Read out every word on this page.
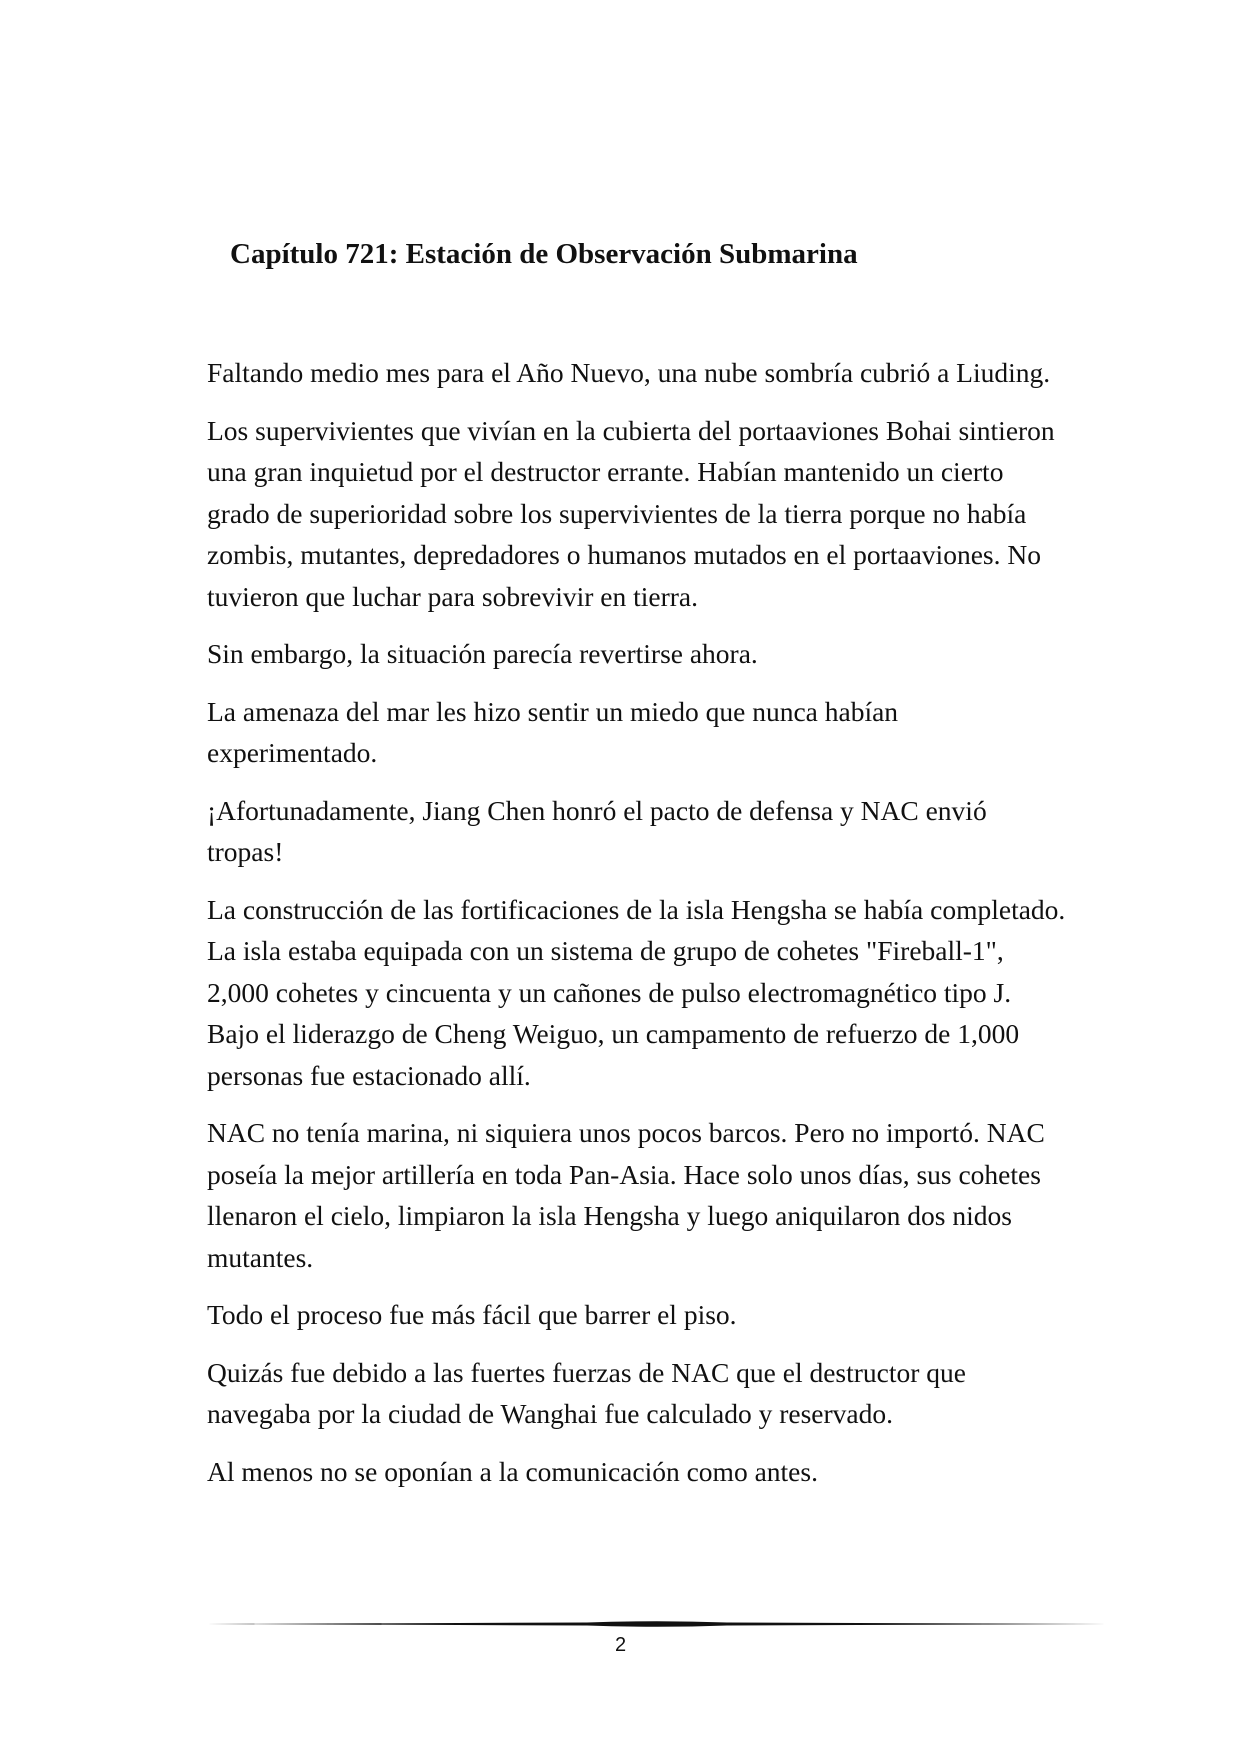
Capítulo 721: Estación de Observación Submarina

Faltando medio mes para el Año Nuevo, una nube sombría cubrió a Liuding.

Los supervivientes que vivían en la cubierta del portaaviones Bohai sintieron una gran inquietud por el destructor errante. Habían mantenido un cierto grado de superioridad sobre los supervivientes de la tierra porque no había zombis, mutantes, depredadores o humanos mutados en el portaaviones. No tuvieron que luchar para sobrevivir en tierra.

Sin embargo, la situación parecía revertirse ahora.

La amenaza del mar les hizo sentir un miedo que nunca habían experimentado.

¡Afortunadamente, Jiang Chen honró el pacto de defensa y NAC envió tropas!

La construcción de las fortificaciones de la isla Hengsha se había completado. La isla estaba equipada con un sistema de grupo de cohetes "Fireball-1", 2,000 cohetes y cincuenta y un cañones de pulso electromagnético tipo J. Bajo el liderazgo de Cheng Weiguo, un campamento de refuerzo de 1,000 personas fue estacionado allí.

NAC no tenía marina, ni siquiera unos pocos barcos. Pero no importó. NAC poseía la mejor artillería en toda Pan-Asia. Hace solo unos días, sus cohetes llenaron el cielo, limpiaron la isla Hengsha y luego aniquilaron dos nidos mutantes.

Todo el proceso fue más fácil que barrer el piso.

Quizás fue debido a las fuertes fuerzas de NAC que el destructor que navegaba por la ciudad de Wanghai fue calculado y reservado.

Al menos no se oponían a la comunicación como antes.

2
